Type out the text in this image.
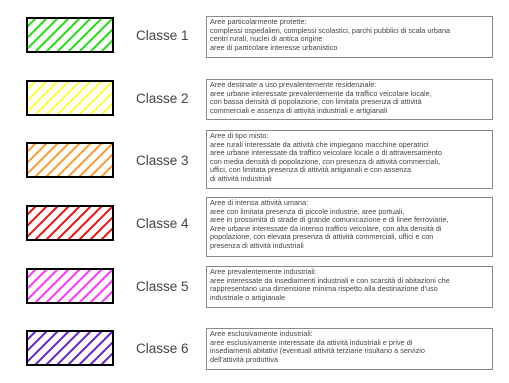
Classe 1
Aree particolarmente protette:
complessi ospedalieri, complessi scolastici, parchi pubblici di scala urbana
centri rurali, nuclei di antica origine
aree di particolare interesse urbanistico
Classe 2
Aree destinate a uso prevalentemente residenziale:
aree urbane interessate prevalentemente da traffico veicolare locale,
con bassa densità di popolazione, con limitata presenza di attività
commerciali e assenza di attività industriali e artigianali
Classe 3
Aree di tipo misto:
aree rurali interessate da attività che impiegano macchine operatrici
aree urbane interessate da traffico veicolare locale o di attraversamento
con media densità di popolazione, con presenza di attività commerciali,
uffici, con limitata presenza di attività artigianali e con assenza
di attività industriali
Classe 4
Aree di intensa attività umana:
aree con limitata presenza di piccole industrie, aree portuali,
aree in prossimità di strade di grande comunicazione e di linee ferroviarie,
Aree urbane interessate da intenso traffico veicolare, con alta densità di
popolazione, con elevata presenza di attività commerciali, uffici e con
presenza di attività industriali
Classe 5
Aree prevalentemente industriali:
aree interessate da insediamenti industriali e con scarsità di abitazioni che
rappresentano una dimensione minima rispetto alla destinazione d'uso
industriale o artigianale
Classe 6
Aree esclusivamente industriali:
aree esclusivamente interessate da attività industriali e prive di
insediamenti abitativi (eventuali attività terziarie risultano a servizio
dell'attività produttiva
